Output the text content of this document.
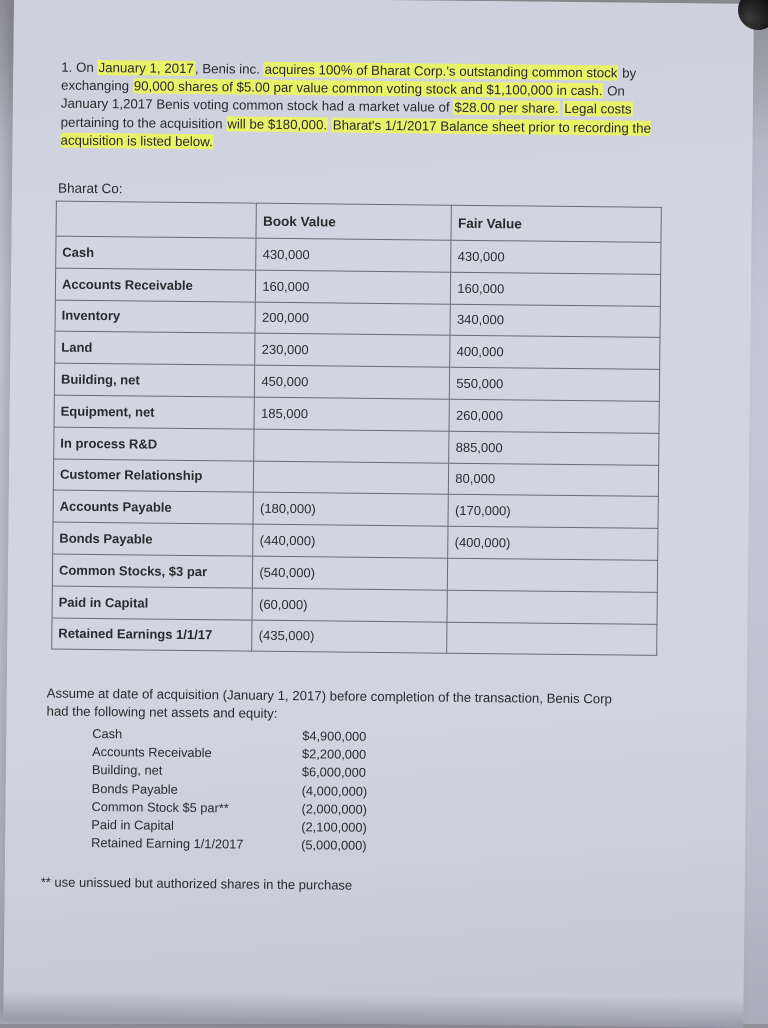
1. On January 1, 2017, Benis inc. acquires 100% of Bharat Corp.'s outstanding common stock by exchanging 90,000 shares of $5.00 par value common voting stock and $1,100,000 in cash. On January 1,2017 Benis voting common stock had a market value of $28.00 per share. Legal costs pertaining to the acquisition will be $180,000. Bharat's 1/1/2017 Balance sheet prior to recording the acquisition is listed below.
Bharat Co:
	Book Value	Fair Value
Cash	430,000	430,000
Accounts Receivable	160,000	160,000
Inventory	200,000	340,000
Land	230,000	400,000
Building, net	450,000	550,000
Equipment, net	185,000	260,000
In process R&D		885,000
Customer Relationship		80,000
Accounts Payable	(180,000)	(170,000)
Bonds Payable	(440,000)	(400,000)
Common Stocks, $3 par	(540,000)	
Paid in Capital	(60,000)	
Retained Earnings 1/1/17	(435,000)	
Assume at date of acquisition (January 1, 2017) before completion of the transaction, Benis Corp had the following net assets and equity:
Cash	$4,900,000
Accounts Receivable	$2,200,000
Building, net	$6,000,000
Bonds Payable	(4,000,000)
Common Stock $5 par**	(2,000,000)
Paid in Capital	(2,100,000)
Retained Earning 1/1/2017	(5,000,000)
** use unissued but authorized shares in the purchase
